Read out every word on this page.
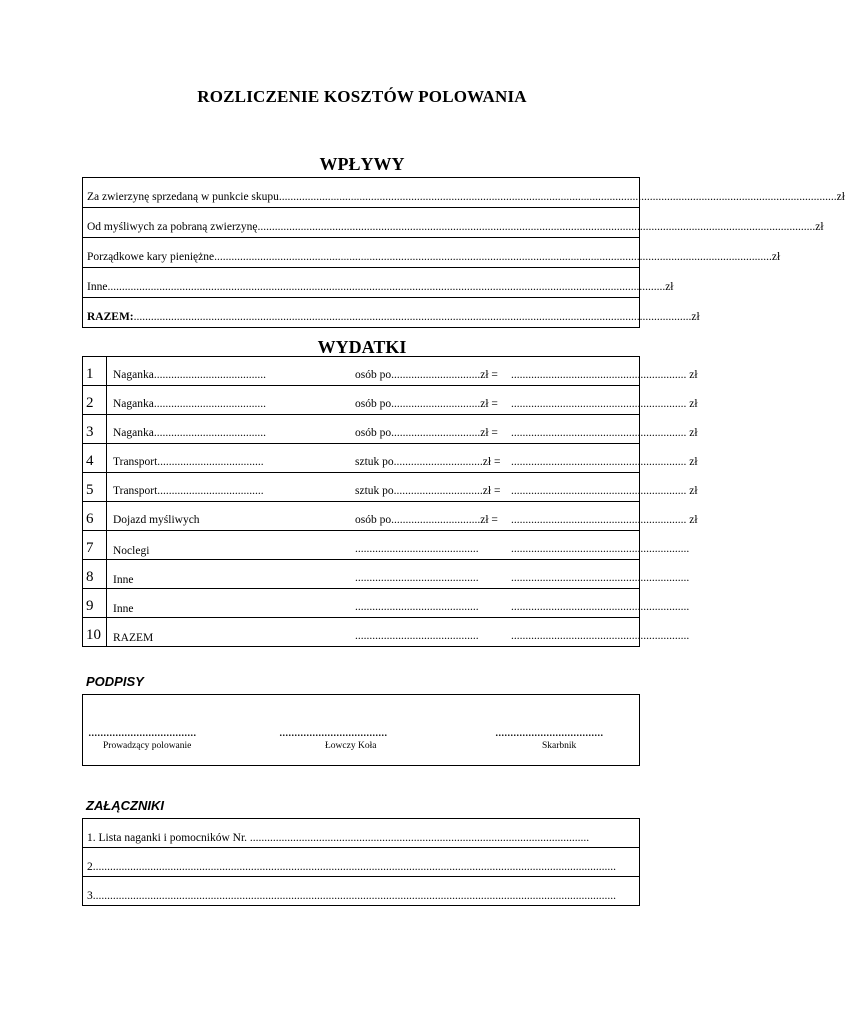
ROZLICZENIE KOSZTÓW POLOWANIA
WPŁYWY
Za zwierzynę sprzedaną w punkcie skupu .................................................................................................................................................................................................. zł
Od myśliwych za pobraną zwierzynę .................................................................................................................................................................................................. zł
Porządkowe kary pieniężne .................................................................................................................................................................................................. zł
Inne .................................................................................................................................................................................................. zł
RAZEM: .................................................................................................................................................................................................. zł
WYDATKI
1	Naganka.......................................	osób po...............................zł = ............................................................. zł
2	Naganka.......................................	osób po...............................zł = ............................................................. zł
3	Naganka.......................................	osób po...............................zł = ............................................................. zł
4	Transport.....................................	sztuk po...............................zł = ............................................................. zł
5	Transport.....................................	sztuk po...............................zł = ............................................................. zł
6	Dojazd myśliwych	osób po...............................zł = ............................................................. zł
7	Noclegi	...........................................	..............................................................
8	Inne	...........................................	..............................................................
9	Inne	...........................................	..............................................................
10	RAZEM	...........................................	..............................................................
PODPISY
....................................
Prowadzący polowanie
....................................
Łowczy Koła
....................................
Skarbnik
ZAŁĄCZNIKI
1. Lista naganki i pomocników Nr. ......................................................................................................................
2......................................................................................................................................................................................
3......................................................................................................................................................................................
